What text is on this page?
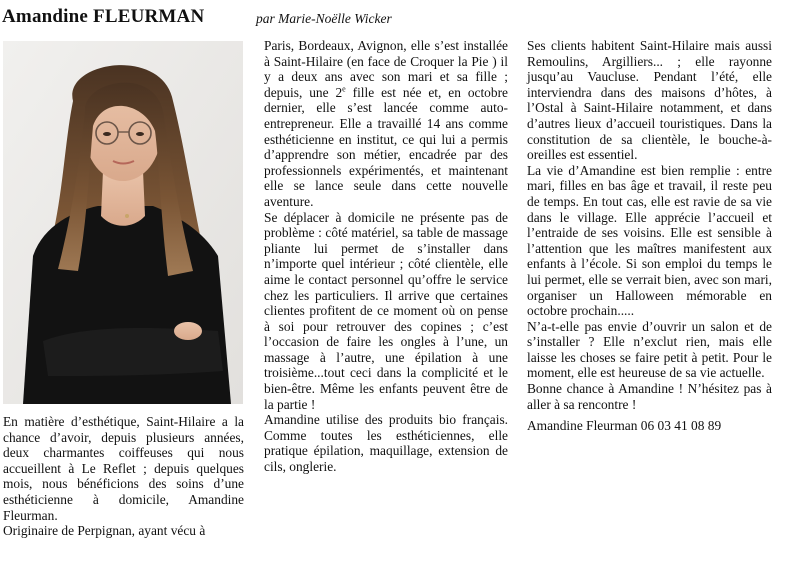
Amandine FLEURMAN	par Marie-Noëlle Wicker

En matière d’esthétique, Saint-Hilaire a la chance d’avoir, depuis plusieurs années, deux charmantes coiffeuses qui nous accueillent à Le Reflet ; depuis quelques mois, nous bénéficions des soins d’une esthéticienne à domicile, Amandine Fleurman.

Originaire de Perpignan, ayant vécu à

Paris, Bordeaux, Avignon, elle s’est installée à Saint-Hilaire (en face de Croquer la Pie ) il y a deux ans avec son mari et sa fille ; depuis, une 2e fille est née et, en octobre dernier, elle s’est lancée comme auto-entrepreneur. Elle a travaillé 14 ans comme esthéticienne en institut, ce qui lui a permis d’apprendre son métier, encadrée par des professionnels expérimentés, et maintenant elle se lance seule dans cette nouvelle aventure.

Se déplacer à domicile ne présente pas de problème : côté matériel, sa table de massage pliante lui permet de s’installer dans n’importe quel intérieur ; côté clientèle, elle aime le contact personnel qu’offre le service chez les particuliers. Il arrive que certaines clientes profitent de ce moment où on pense à soi pour retrouver des copines ; c’est l’occasion de faire les ongles à l’une, un massage à l’autre, une épilation à une troisième...tout ceci dans la complicité et le bien-être. Même les enfants peuvent être de la partie !

Amandine utilise des produits bio français. Comme toutes les esthéticiennes, elle pratique épilation, maquillage, extension de cils, onglerie.

Ses clients habitent Saint-Hilaire mais aussi Remoulins, Argilliers... ; elle rayonne jusqu’au Vaucluse. Pendant l’été, elle interviendra dans des maisons d’hôtes, à l’Ostal à Saint-Hilaire notamment, et dans d’autres lieux d’accueil touristiques. Dans la constitution de sa clientèle, le bouche-à-oreilles est essentiel.

La vie d’Amandine est bien remplie : entre mari, filles en bas âge et travail, il reste peu de temps. En tout cas, elle est ravie de sa vie dans le village. Elle apprécie l’accueil et l’entraide de ses voisins. Elle est sensible à l’attention que les maîtres manifestent aux enfants à l’école. Si son emploi du temps le lui permet, elle se verrait bien, avec son mari, organiser un Halloween mémorable en octobre prochain.....

N’a-t-elle pas envie d’ouvrir un salon et de s’installer ? Elle n’exclut rien, mais elle laisse les choses se faire petit à petit. Pour le moment, elle est heureuse de sa vie actuelle.

Bonne chance à Amandine ! N’hésitez pas à aller à sa rencontre !

Amandine Fleurman 06 03 41 08 89
